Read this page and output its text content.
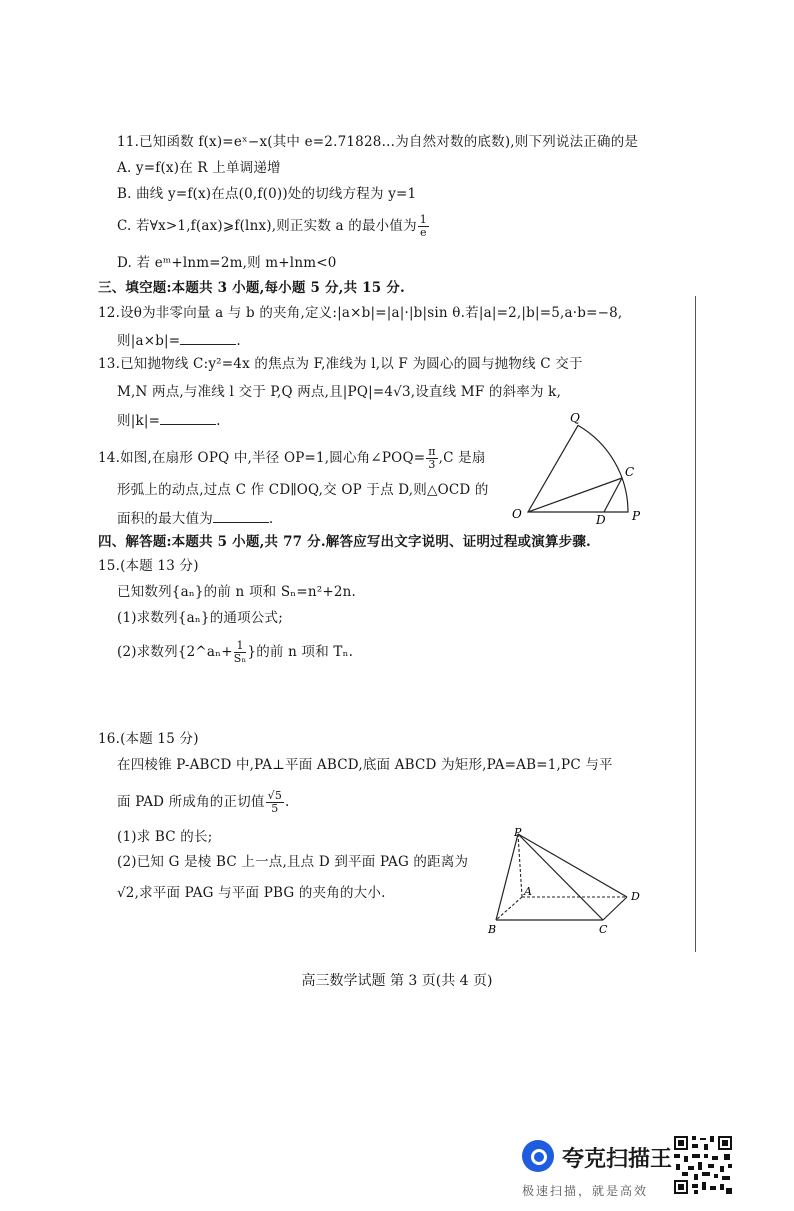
11.已知函数 f(x)=eˣ−x(其中 e=2.71828…为自然对数的底数),则下列说法正确的是
A. y=f(x)在 R 上单调递增
B. 曲线 y=f(x)在点(0,f(0))处的切线方程为 y=1
C. 若∀x>1,f(ax)⩾f(lnx),则正实数 a 的最小值为 $\frac{1}{e}$
D. 若 eᵐ+lnm=2m,则 m+lnm<0
三、填空题:本题共 3 小题,每小题 5 分,共 15 分.
12.设θ为非零向量 a 与 b 的夹角,定义:|a×b|=|a|·|b|sin θ.若|a|=2,|b|=5,a·b=−8,
则|a×b|=	.
13.已知抛物线 C:y²=4x 的焦点为 F,准线为 l,以 F 为圆心的圆与抛物线 C 交于
M,N 两点,与准线 l 交于 P,Q 两点,且|PQ|=4√3,设直线 MF 的斜率为 k,
则|k|=	.
14.如图,在扇形 OPQ 中,半径 OP=1,圆心角∠POQ= $\frac{\pi}{3} ,C$ 是扇
形弧上的动点,过点 C 作 CD∥OQ,交 OP 于点 D,则△OCD 的
面积的最大值为	.	O	P
Q
C
D
四、解答题:本题共 5 小题,共 77 分.解答应写出文字说明、证明过程或演算步骤.
15.(本题 13 分)
已知数列{aₙ}的前 n 项和 Sₙ=n²+2n.
(1)求数列{aₙ}的通项公式;
(2)求数列{2^aₙ+ $\frac{1}{\text{Sₙ}}$ }的前 n 项和 Tₙ.
16.(本题 15 分)
在四棱锥 P-ABCD 中,PA⊥平面 ABCD,底面 ABCD 为矩形,PA=AB=1,PC 与平
面 PAD 所成角的正切值 $\frac{√5}{5}$ .
(1)求 BC 的长;
(2)已知 G 是棱 BC 上一点,且点 D 到平面 PAG 的距离为
√2,求平面 PAG 与平面 PBG 的夹角的大小.
P
A
B	C
D
高三数学试题 第 3 页(共 4 页)
夸克扫描王
极速扫描，就是高效
